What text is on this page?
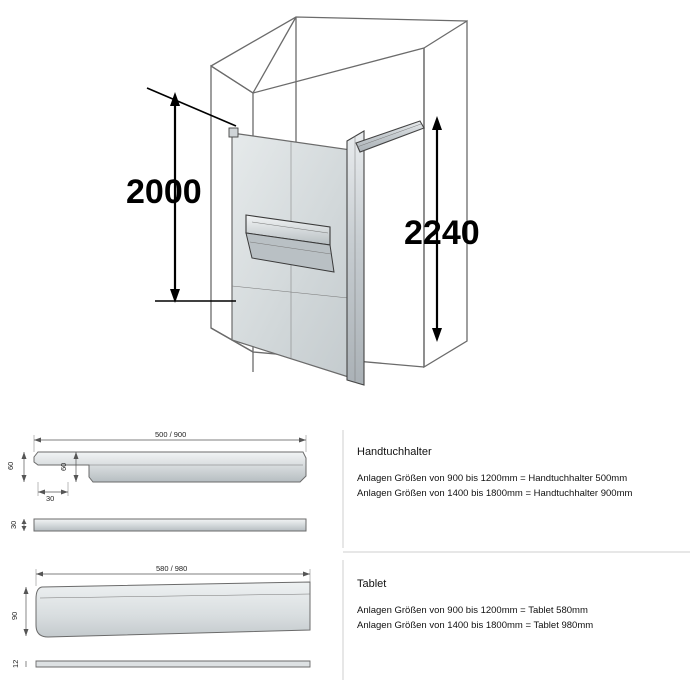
2000
2240
500 / 900
60	60
30
30
Handtuchhalter
Anlagen Größen von 900 bis 1200mm = Handtuchhalter 500mm
Anlagen Größen von 1400 bis 1800mm = Handtuchhalter 900mm
580 / 980
90
12
Tablet
Anlagen Größen von 900 bis 1200mm = Tablet 580mm
Anlagen Größen von 1400 bis 1800mm = Tablet 980mm
